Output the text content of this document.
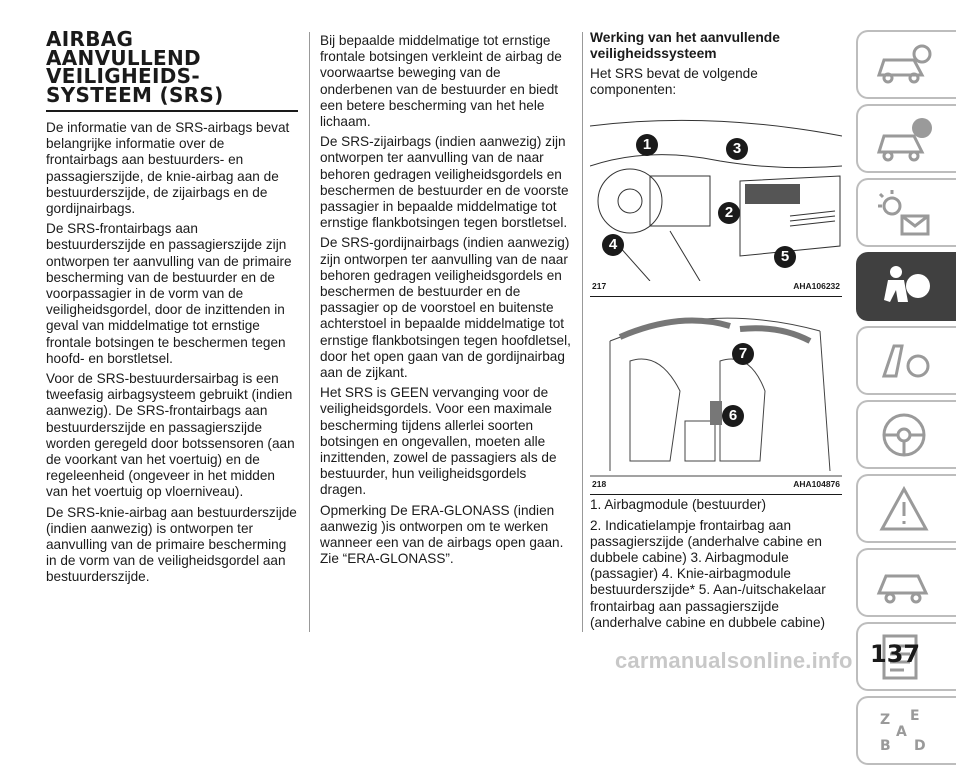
AIRBAG
AANVULLEND
VEILIGHEIDS-
SYSTEEM (SRS)

De informatie van de SRS-airbags bevat belangrijke informatie over de frontairbags aan bestuurders- en passagierszijde, de knie-airbag aan de bestuurderszijde, de zijairbags en de gordijnairbags.

De SRS-frontairbags aan bestuurderszijde en passagierszijde zijn ontworpen ter aanvulling van de primaire bescherming van de bestuurder en de voorpassagier in de vorm van de veiligheidsgordel, door de inzittenden in geval van middelmatige tot ernstige frontale botsingen te beschermen tegen hoofd- en borstletsel.

Voor de SRS-bestuurdersairbag is een tweefasig airbagsysteem gebruikt (indien aanwezig). De SRS-frontairbags aan bestuurderszijde en passagierszijde worden geregeld door botssensoren (aan de voorkant van het voertuig) en de regeleenheid (ongeveer in het midden van het voertuig op vloerniveau).

De SRS-knie-airbag aan bestuurderszijde (indien aanwezig) is ontworpen ter aanvulling van de primaire bescherming in de vorm van de veiligheidsgordel aan bestuurderszijde.

Bij bepaalde middelmatige tot ernstige frontale botsingen verkleint de airbag de voorwaartse beweging van de onderbenen van de bestuurder en biedt een betere bescherming van het hele lichaam.

De SRS-zijairbags (indien aanwezig) zijn ontworpen ter aanvulling van de naar behoren gedragen veiligheidsgordels en beschermen de bestuurder en de voorste passagier in bepaalde middelmatige tot ernstige flankbotsingen tegen borstletsel.

De SRS-gordijnairbags (indien aanwezig) zijn ontworpen ter aanvulling van de naar behoren gedragen veiligheidsgordels en beschermen de bestuurder en de passagier op de voorstoel en buitenste achterstoel in bepaalde middelmatige tot ernstige flankbotsingen tegen hoofdletsel, door het open gaan van de gordijnairbag aan de zijkant.

Het SRS is GEEN vervanging voor de veiligheidsgordels. Voor een maximale bescherming tijdens allerlei soorten botsingen en ongevallen, moeten alle inzittenden, zowel de passagiers als de bestuurder, hun veiligheidsgordels dragen.

Opmerking De ERA-GLONASS (indien aanwezig )is ontworpen om te werken wanneer een van de airbags open gaan. Zie “ERA-GLONASS”.

Werking van het aanvullende veiligheidssysteem

Het SRS bevat de volgende componenten:

1
2
3
4
5
217	AHA106232
7
6
218	AHA104876

1. Airbagmodule (bestuurder)

2. Indicatielampje frontairbag aan passagierszijde (anderhalve cabine en dubbele cabine) 3. Airbagmodule (passagier) 4. Knie-airbagmodule bestuurderszijde* 5. Aan-/uitschakelaar frontairbag aan passagierszijde (anderhalve cabine en dubbele cabine)

Z E
A
B D
carmanualsonline.info 137
